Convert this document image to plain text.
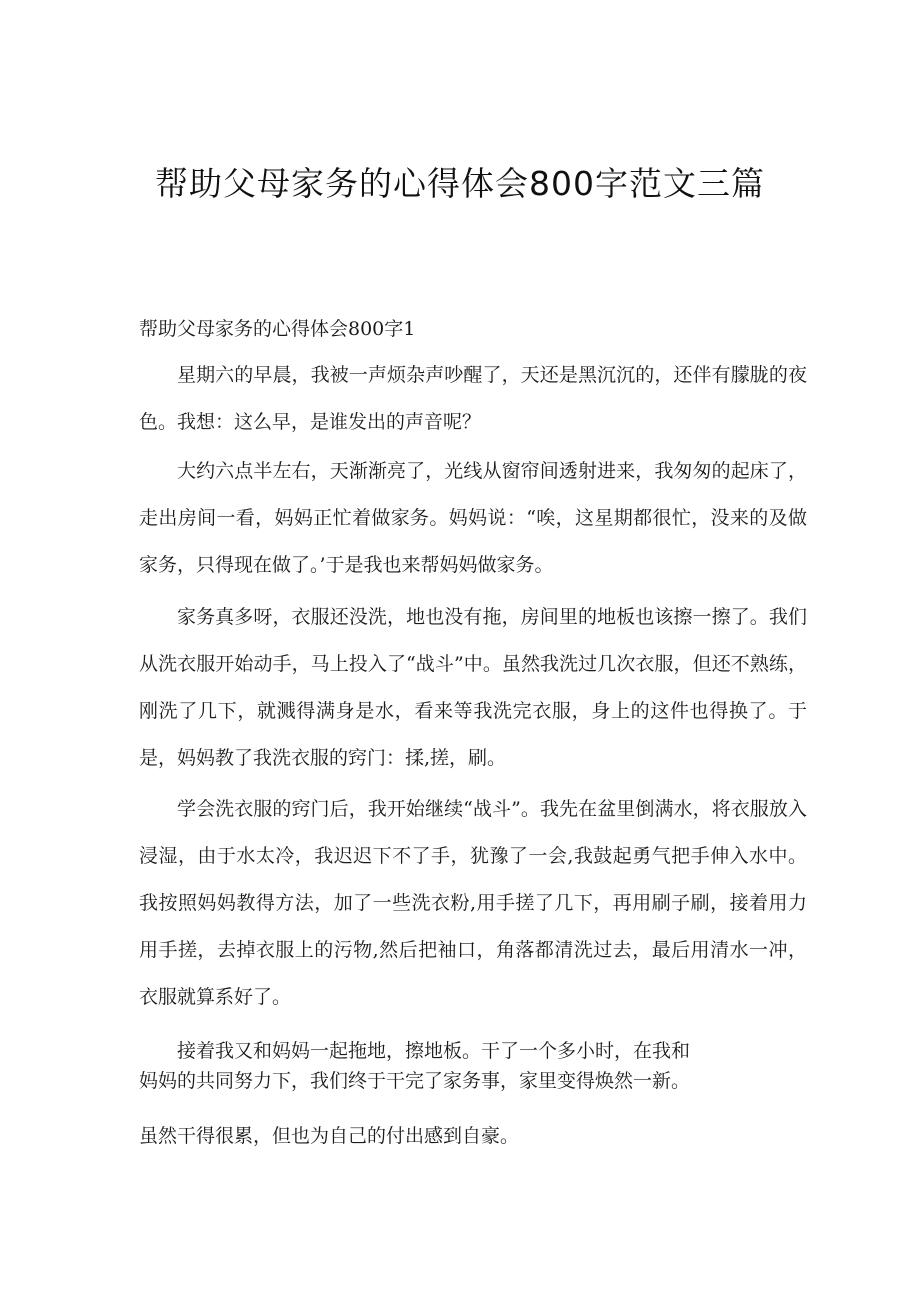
帮助父母家务的心得体会800字范文三篇

帮助父母家务的心得体会800字1

星期六的早晨，我被一声烦杂声吵醒了，天还是黑沉沉的，还伴有朦胧的夜色。我想：这么早，是谁发出的声音呢？

大约六点半左右，天渐渐亮了，光线从窗帘间透射进来，我匆匆的起床了，走出房间一看，妈妈正忙着做家务。妈妈说：“唉，这星期都很忙，没来的及做家务，只得现在做了。’于是我也来帮妈妈做家务。

家务真多呀，衣服还没洗，地也没有拖，房间里的地板也该擦一擦了。我们从洗衣服开始动手，马上投入了“战斗”中。虽然我洗过几次衣服，但还不熟练，刚洗了几下，就溅得满身是水，看来等我洗完衣服，身上的这件也得换了。于是，妈妈教了我洗衣服的窍门：揉,搓，刷。

学会洗衣服的窍门后，我开始继续“战斗”。我先在盆里倒满水，将衣服放入浸湿，由于水太冷，我迟迟下不了手，犹豫了一会,我鼓起勇气把手伸入水中。我按照妈妈教得方法，加了一些洗衣粉,用手搓了几下，再用刷子刷，接着用力用手搓，去掉衣服上的污物,然后把袖口，角落都清洗过去，最后用清水一冲，衣服就算系好了。

接着我又和妈妈一起拖地，擦地板。干了一个多小时，在我和
妈妈的共同努力下，我们终于干完了家务事，家里变得焕然一新。

虽然干得很累，但也为自己的付出感到自豪。
